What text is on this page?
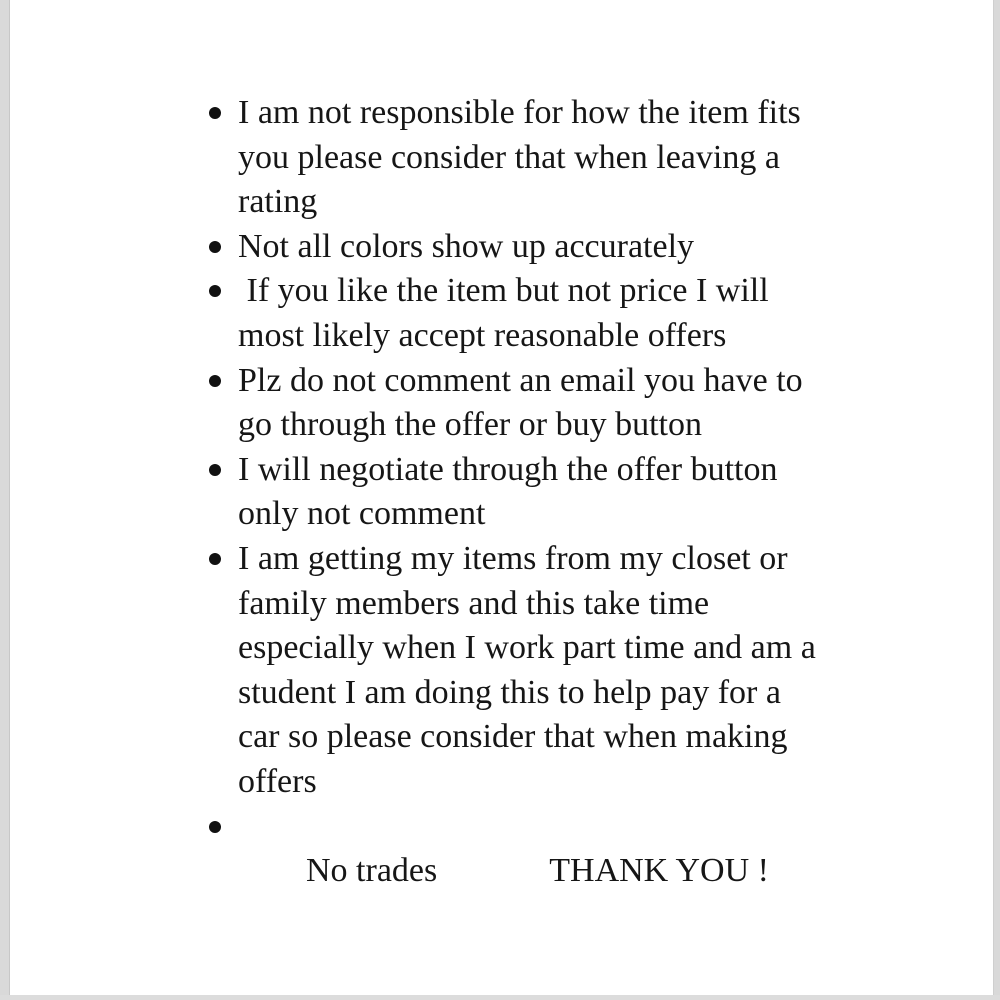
I am not responsible for how the item fits
you please consider that when leaving a
rating
Not all colors show up accurately
If you like the item but not price I will
most likely accept reasonable offers
Plz do not comment an email you have to
go through the offer or buy button
I will negotiate through the offer button
only not comment
I am getting my items from my closet or
family members and this take time
especially when I work part time and am a
student I am doing this to help pay for a
car so please consider that when making
offers

No trades	THANK YOU !
